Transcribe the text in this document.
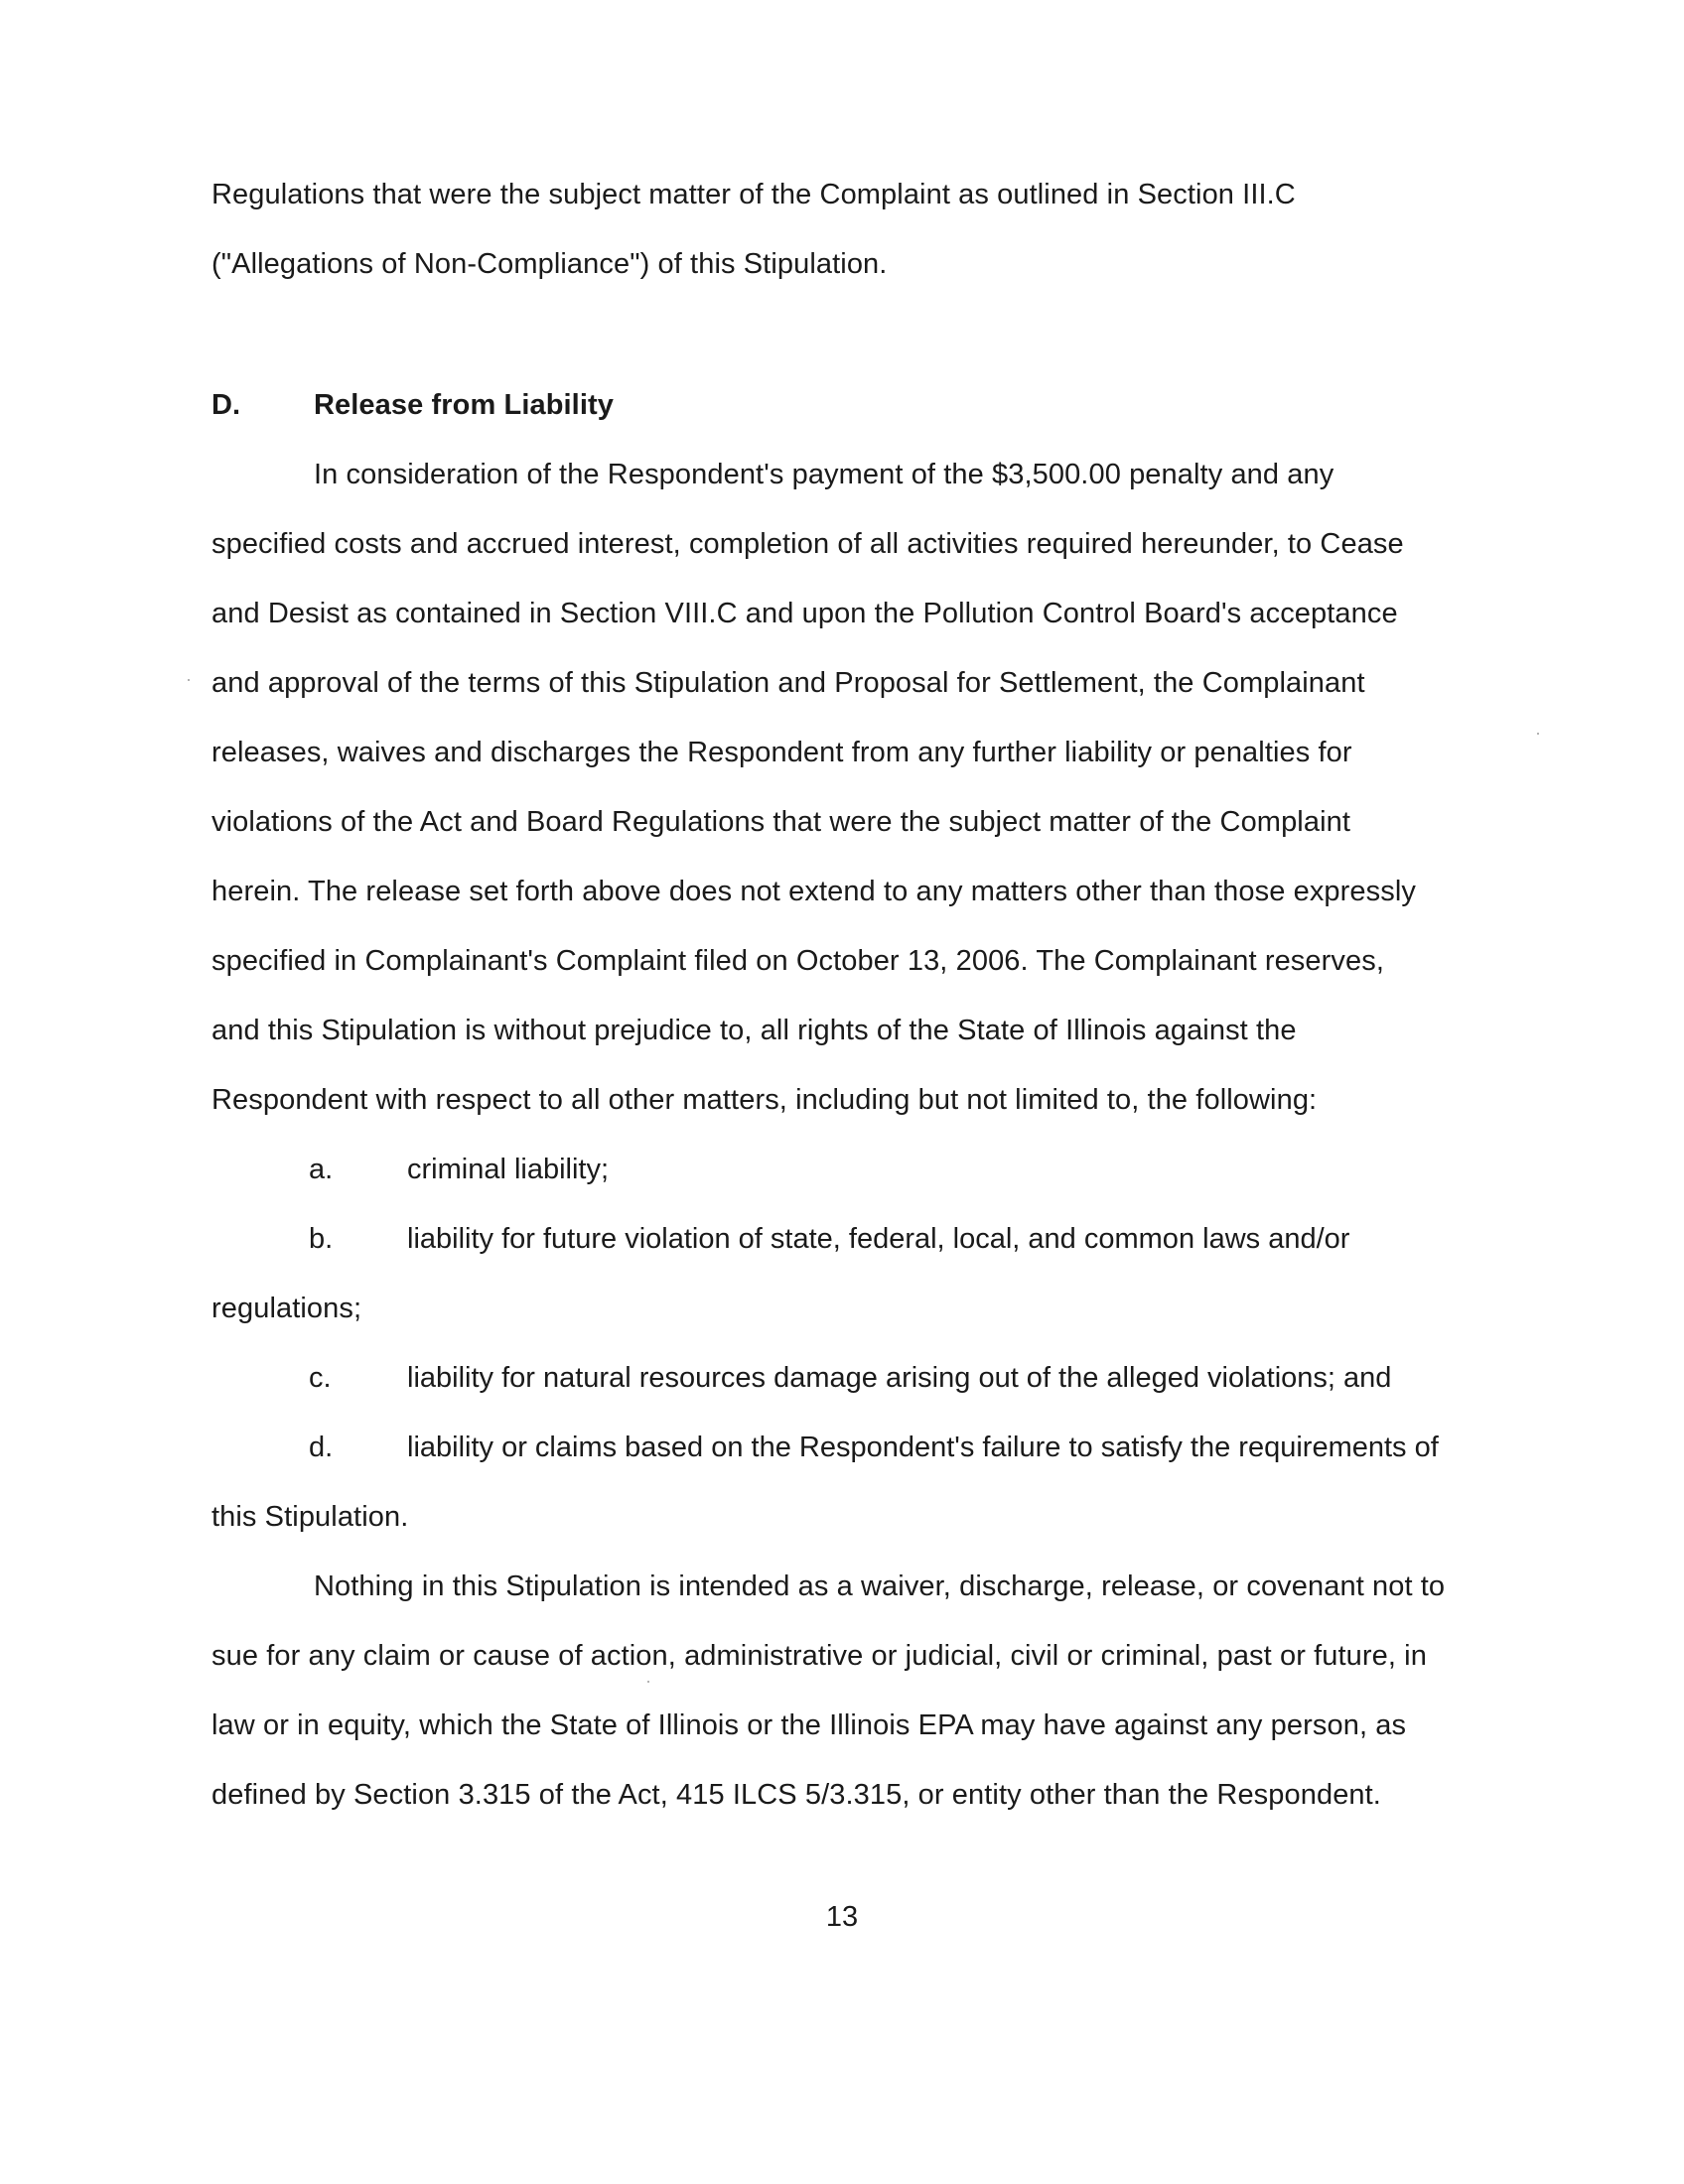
Regulations that were the subject matter of the Complaint as outlined in Section III.C
("Allegations of Non-Compliance") of this Stipulation.
D.	Release from Liability
In consideration of the Respondent's payment of the $3,500.00 penalty and any
specified costs and accrued interest, completion of all activities required hereunder, to Cease
and Desist as contained in Section VIII.C and upon the Pollution Control Board's acceptance
and approval of the terms of this Stipulation and Proposal for Settlement, the Complainant
releases, waives and discharges the Respondent from any further liability or penalties for
violations of the Act and Board Regulations that were the subject matter of the Complaint
herein. The release set forth above does not extend to any matters other than those expressly
specified in Complainant's Complaint filed on October 13, 2006. The Complainant reserves,
and this Stipulation is without prejudice to, all rights of the State of Illinois against the
Respondent with respect to all other matters, including but not limited to, the following:
a.	criminal liability;
b.	liability for future violation of state, federal, local, and common laws and/or
regulations;
c.	liability for natural resources damage arising out of the alleged violations; and
d.	liability or claims based on the Respondent's failure to satisfy the requirements of
this Stipulation.
Nothing in this Stipulation is intended as a waiver, discharge, release, or covenant not to
sue for any claim or cause of action, administrative or judicial, civil or criminal, past or future, in
law or in equity, which the State of Illinois or the Illinois EPA may have against any person, as
defined by Section 3.315 of the Act, 415 ILCS 5/3.315, or entity other than the Respondent.
13
